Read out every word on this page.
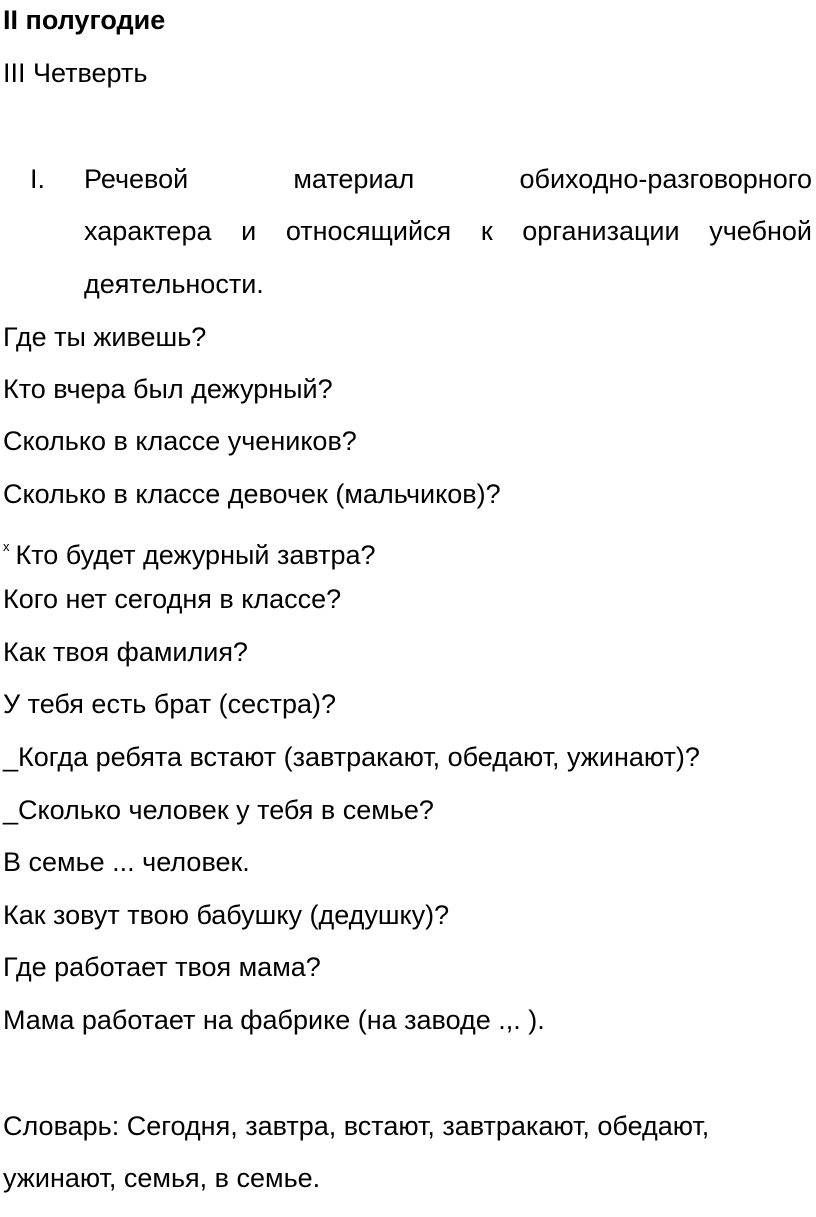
II полугодие
III Четверть
I. Речевой материал обиходно-разговорного
характера и относящийся к организации учебной
деятельности.
Где ты живешь?
Кто вчера был дежурный?
Сколько в классе учеников?
Сколько в классе девочек (мальчиков)?
$^x$ Кто будет дежурный завтра?
Кого нет сегодня в классе?
Как твоя фамилия?
У тебя есть брат (сестра)?
_Когда ребята встают (завтракают, обедают, ужинают)?
_Сколько человек у тебя в семье?
В семье ... человек.
Как зовут твою бабушку (дедушку)?
Где работает твоя мама?
Мама работает на фабрике (на заводе .,. ).
Словарь: Сегодня, завтра, встают, завтракают, обедают,
ужинают, семья, в семье.
